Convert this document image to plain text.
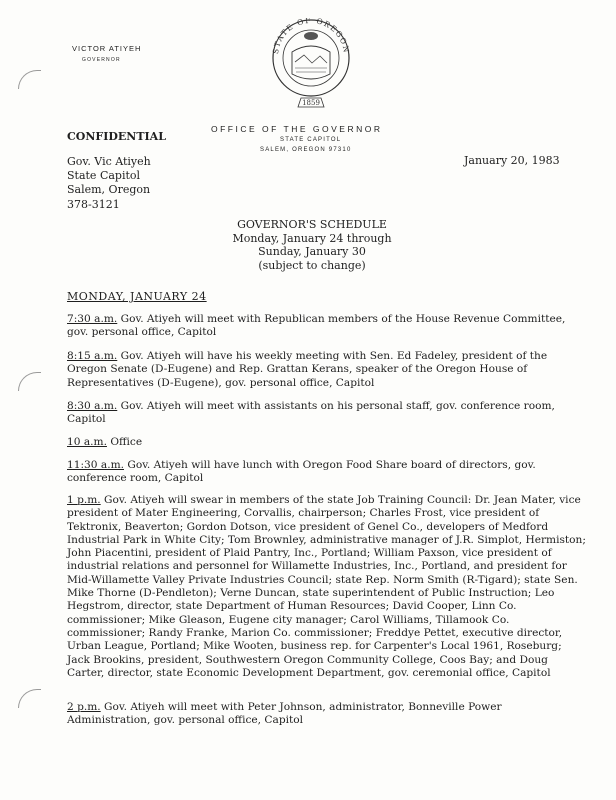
VICTOR ATIYEH
GOVERNOR
STATE OF OREGON
1859
CONFIDENTIAL
OFFICE OF THE GOVERNOR
STATE CAPITOL
SALEM, OREGON 97310
Gov. Vic Atiyeh
State Capitol
Salem, Oregon
378-3121
January 20, 1983
GOVERNOR'S SCHEDULE
Monday, January 24 through
Sunday, January 30
(subject to change)
MONDAY, JANUARY 24
7:30 a.m. Gov. Atiyeh will meet with Republican members of the House Revenue Committee, gov. personal office, Capitol
8:15 a.m. Gov. Atiyeh will have his weekly meeting with Sen. Ed Fadeley, president of the Oregon Senate (D-Eugene) and Rep. Grattan Kerans, speaker of the Oregon House of Representatives (D-Eugene), gov. personal office, Capitol
8:30 a.m. Gov. Atiyeh will meet with assistants on his personal staff, gov. conference room, Capitol
10 a.m. Office
11:30 a.m. Gov. Atiyeh will have lunch with Oregon Food Share board of directors, gov. conference room, Capitol
1 p.m. Gov. Atiyeh will swear in members of the state Job Training Council: Dr. Jean Mater, vice president of Mater Engineering, Corvallis, chairperson; Charles Frost, vice president of Tektronix, Beaverton; Gordon Dotson, vice president of Genel Co., developers of Medford Industrial Park in White City; Tom Brownley, administrative manager of J.R. Simplot, Hermiston; John Piacentini, president of Plaid Pantry, Inc., Portland; William Paxson, vice president of industrial relations and personnel for Willamette Industries, Inc., Portland, and president for Mid-Willamette Valley Private Industries Council; state Rep. Norm Smith (R-Tigard); state Sen. Mike Thorne (D-Pendleton); Verne Duncan, state superintendent of Public Instruction; Leo Hegstrom, director, state Department of Human Resources; David Cooper, Linn Co. commissioner; Mike Gleason, Eugene city manager; Carol Williams, Tillamook Co. commissioner; Randy Franke, Marion Co. commissioner; Freddye Pettet, executive director, Urban League, Portland; Mike Wooten, business rep. for Carpenter's Local 1961, Roseburg; Jack Brookins, president, Southwestern Oregon Community College, Coos Bay; and Doug Carter, director, state Economic Development Department, gov. ceremonial office, Capitol
2 p.m. Gov. Atiyeh will meet with Peter Johnson, administrator, Bonneville Power Administration, gov. personal office, Capitol
